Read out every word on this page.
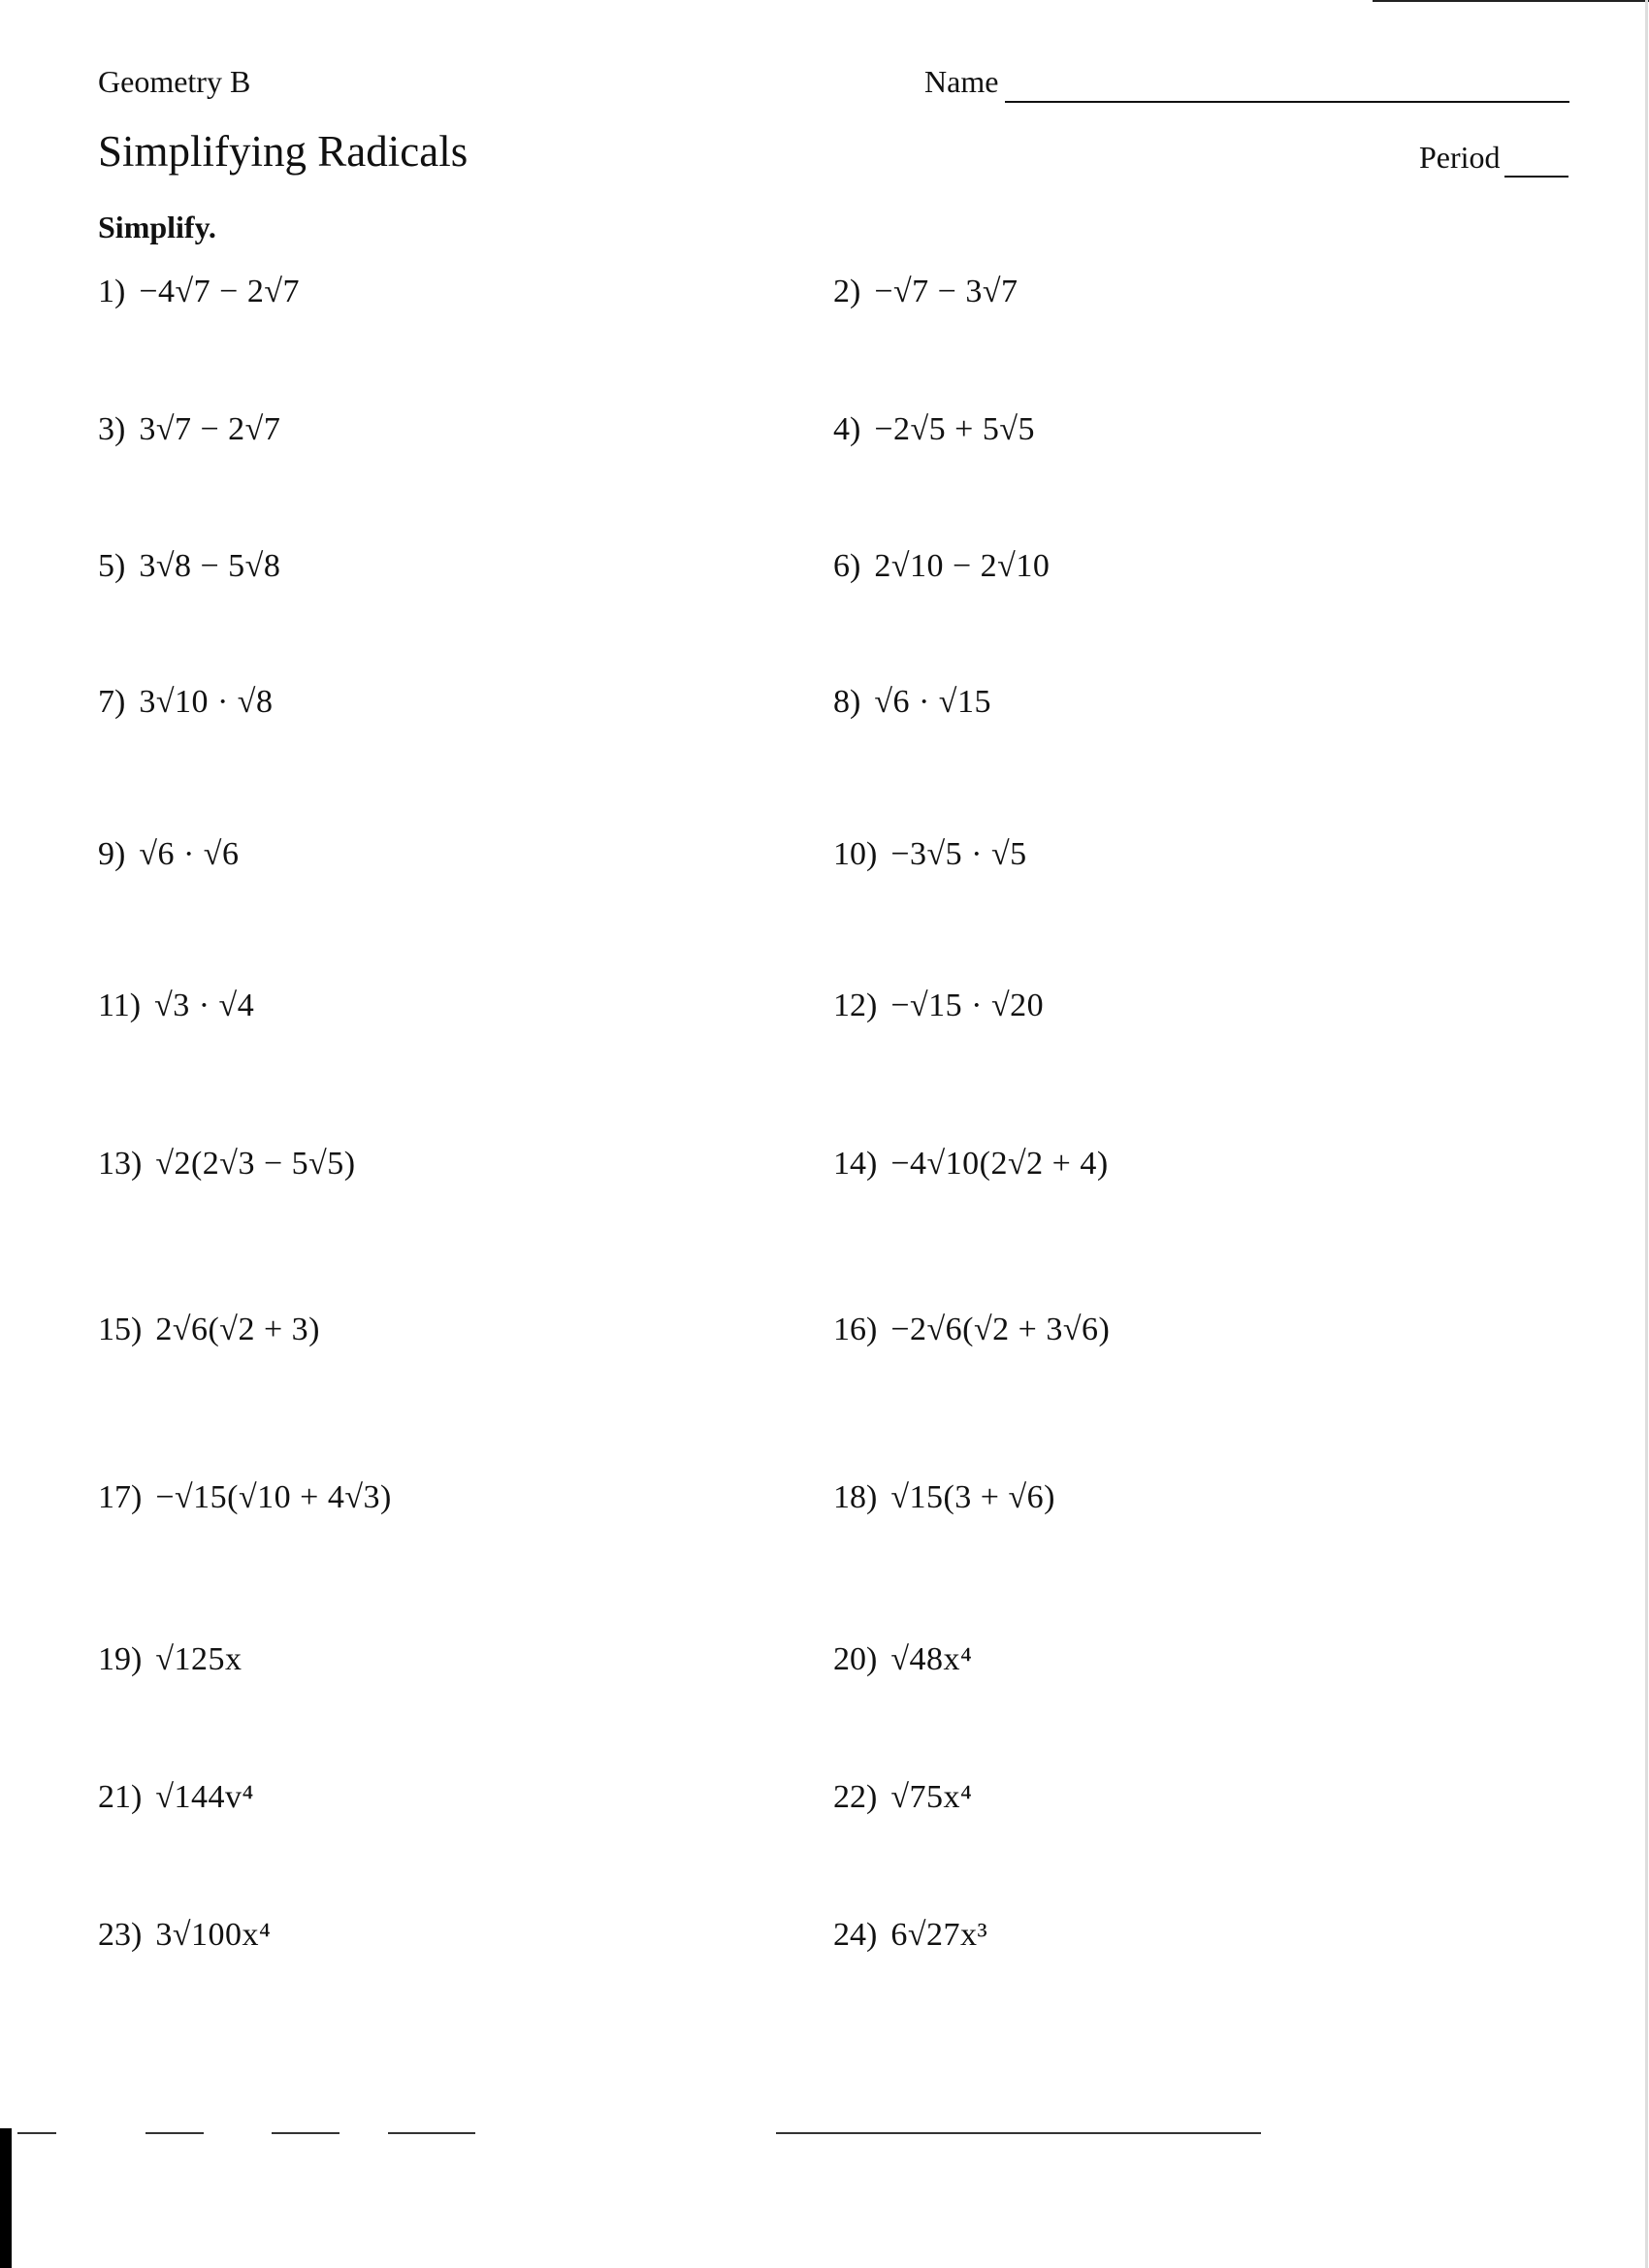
Geometry B	Name
Simplifying Radicals	Period
Simplify.
1) −4√7 − 2√7	2) −√7 − 3√7
3) 3√7 − 2√7	4) −2√5 + 5√5
5) 3√8 − 5√8	6) 2√10 − 2√10
7) 3√10 · √8	8) √6 · √15
9) √6 · √6	10) −3√5 · √5
11) √3 · √4	12) −√15 · √20
13) √2(2√3 − 5√5)	14) −4√10(2√2 + 4)
15) 2√6(√2 + 3)	16) −2√6(√2 + 3√6)
17) −√15(√10 + 4√3)	18) √15(3 + √6)
19) √125x	20) √48x⁴
21) √144v⁴	22) √75x⁴
23) 3√100x⁴	24) 6√27x³
